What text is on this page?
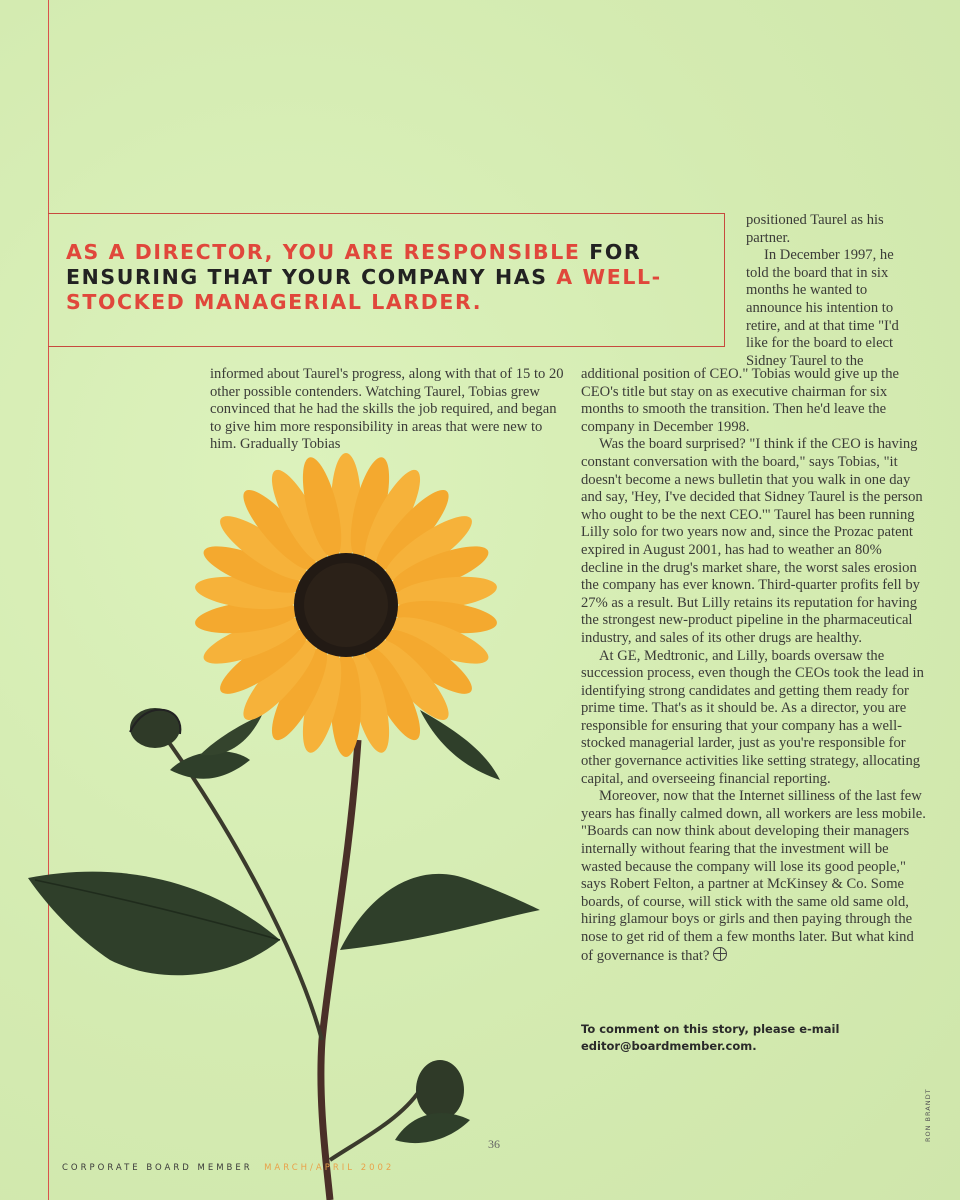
AS A DIRECTOR, YOU ARE RESPONSIBLE FOR ENSURING THAT YOUR COMPANY HAS A WELL-STOCKED MANAGERIAL LARDER.

positioned Taurel as his
partner.
In December 1997, he
told the board that in six
months he wanted to
announce his intention to
retire, and at that time "I'd
like for the board to elect
Sidney Taurel to the

informed about Taurel's progress, along with that of 15 to 20 other possible contenders. Watching Taurel, Tobias grew convinced that he had the skills the job required, and began to give him more responsibility in areas that were new to him. Gradually Tobias

additional position of CEO." Tobias would give up the CEO's title but stay on as executive chairman for six months to smooth the transition. Then he'd leave the company in December 1998.

Was the board surprised? "I think if the CEO is having constant conversation with the board," says Tobias, "it doesn't become a news bulletin that you walk in one day and say, 'Hey, I've decided that Sidney Taurel is the person who ought to be the next CEO.'" Taurel has been running Lilly solo for two years now and, since the Prozac patent expired in August 2001, has had to weather an 80% decline in the drug's market share, the worst sales erosion the company has ever known. Third-quarter profits fell by 27% as a result. But Lilly retains its reputation for having the strongest new-product pipeline in the pharmaceutical industry, and sales of its other drugs are healthy.

At GE, Medtronic, and Lilly, boards oversaw the succession process, even though the CEOs took the lead in identifying strong candidates and getting them ready for prime time. That's as it should be. As a director, you are responsible for ensuring that your company has a well-stocked managerial larder, just as you're responsible for other governance activities like setting strategy, allocating capital, and overseeing financial reporting.

Moreover, now that the Internet silliness of the last few years has finally calmed down, all workers are less mobile. "Boards can now think about developing their managers internally without fearing that the investment will be wasted because the company will lose its good people," says Robert Felton, a partner at McKinsey & Co. Some boards, of course, will stick with the same old same old, hiring glamour boys or girls and then paying through the nose to get rid of them a few months later. But what kind of governance is that?

To comment on this story, please e-mail
editor@boardmember.com.
36
CORPORATE BOARD MEMBER MARCH/APRIL 2002
RON BRANDT
